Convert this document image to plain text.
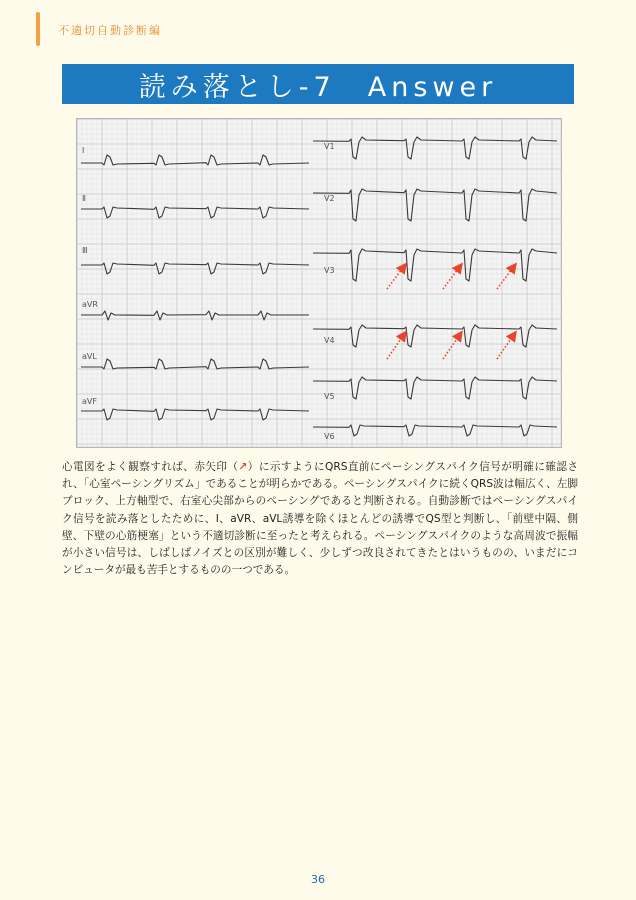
不適切自動診断編
読み落とし-7　Answer
Ⅰ
Ⅱ
Ⅲ
aVR
aVL
aVF
V1
V2
V3
V4
V5
V6

心電図をよく観察すれば、赤矢印（↗）に示すようにQRS直前にペーシングスパイク信号が明確に確認され、「心室ペーシングリズム」であることが明らかである。ペーシングスパイクに続くQRS波は幅広く、左脚ブロック、上方軸型で、右室心尖部からのペーシングであると判断される。自動診断ではペーシングスパイク信号を読み落としたために、Ⅰ、aVR、aVL誘導を除くほとんどの誘導でQS型と判断し、「前壁中隔、側壁、下壁の心筋梗塞」という不適切診断に至ったと考えられる。ペーシングスパイクのような高周波で振幅が小さい信号は、しばしばノイズとの区別が難しく、少しずつ改良されてきたとはいうものの、いまだにコンピュータが最も苦手とするものの一つである。

36
